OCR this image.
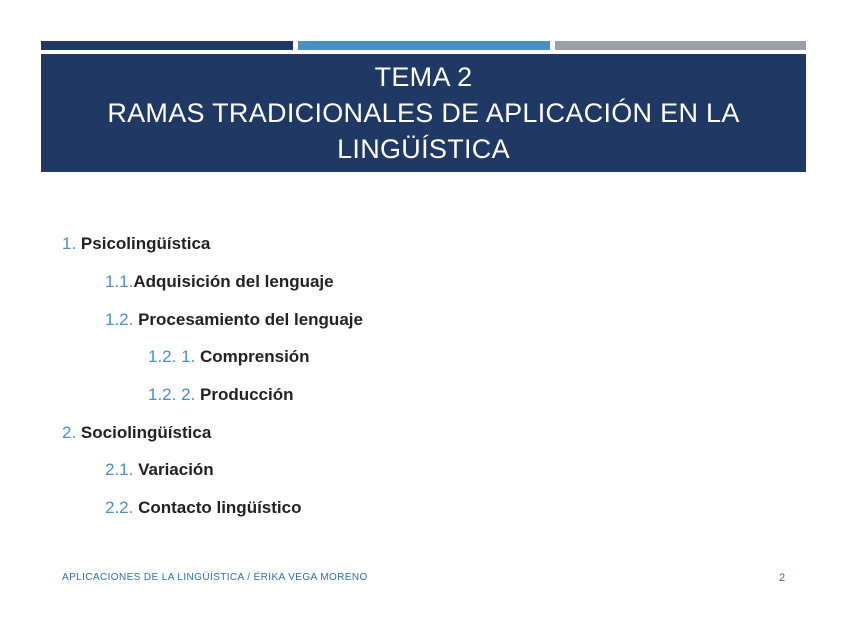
TEMA 2
RAMAS TRADICIONALES DE APLICACIÓN EN LA
LINGÜÍSTICA
1. Psicolingüística
1.1.Adquisición del lenguaje
1.2. Procesamiento del lenguaje
1.2. 1. Comprensión
1.2. 2. Producción
2. Sociolingüística
2.1. Variación
2.2. Contacto lingüístico
APLICACIONES DE LA LINGÜÍSTICA / ÉRIKA VEGA MORENO	2
